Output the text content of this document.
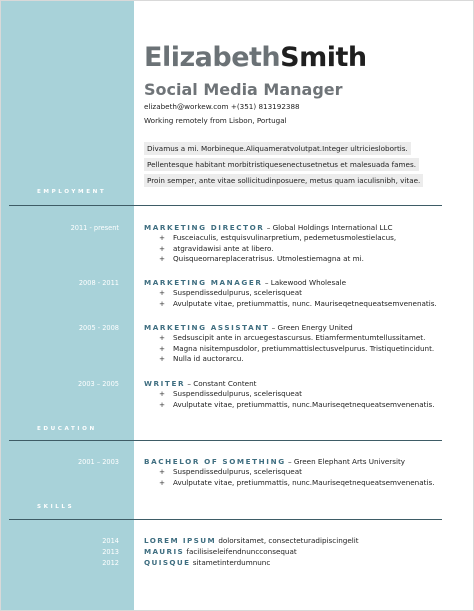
ElizabethSmith
Social Media Manager
elizabeth@workew.com +(351) 813192388
Working remotely from Lisbon, Portugal
Divamus a mi. Morbineque.Aliquameratvolutpat.Integer ultricieslobortis.
Pellentesque habitant morbitristiquesenectusetnetus et malesuada fames.
Proin semper, ante vitae sollicitudinposuere, metus quam iaculisnibh, vitae.
EMPLOYMENT
2011 - present	MARKETING DIRECTOR – Global Holdings International LLC
+ Fusceiaculis, estquisvulinarpretium, pedemetusmolestielacus,
+ atgravidawisi ante at libero.
+ Quisqueornareplaceratrisus. Utmolestiemagna at mi.
2008 - 2011	MARKETING MANAGER – Lakewood Wholesale
+ Suspendissedulpurus, scelerisqueat
+ Avulputate vitae, pretiummattis, nunc. Mauriseqetnequeatsemvenenatis.
2005 - 2008	MARKETING ASSISTANT – Green Energy United
+ Sedsuscipit ante in arcuegestascursus. Etiamfermentumtellussitamet.
+ Magna nisitempusdolor, pretiummattislectusvelpurus. Tristiquetincidunt.
+ Nulla id auctorarcu.
2003 – 2005	WRITER – Constant Content
+ Suspendissedulpurus, scelerisqueat
+ Avulputate vitae, pretiummattis, nunc.Mauriseqetnequeatsemvenenatis.
EDUCATION
2001 – 2003	BACHELOR OF SOMETHING – Green Elephant Arts University
+ Suspendissedulpurus, scelerisqueat
+ Avulputate vitae, pretiummattis, nunc.Mauriseqetnequeatsemvenenatis.
SKILLS
2014	LOREM IPSUM dolorsitamet, consecteturadipiscingelit
2013	MAURIS facilisiseleifendnuncconsequat
2012	QUISQUE sitametinterdumnunc
